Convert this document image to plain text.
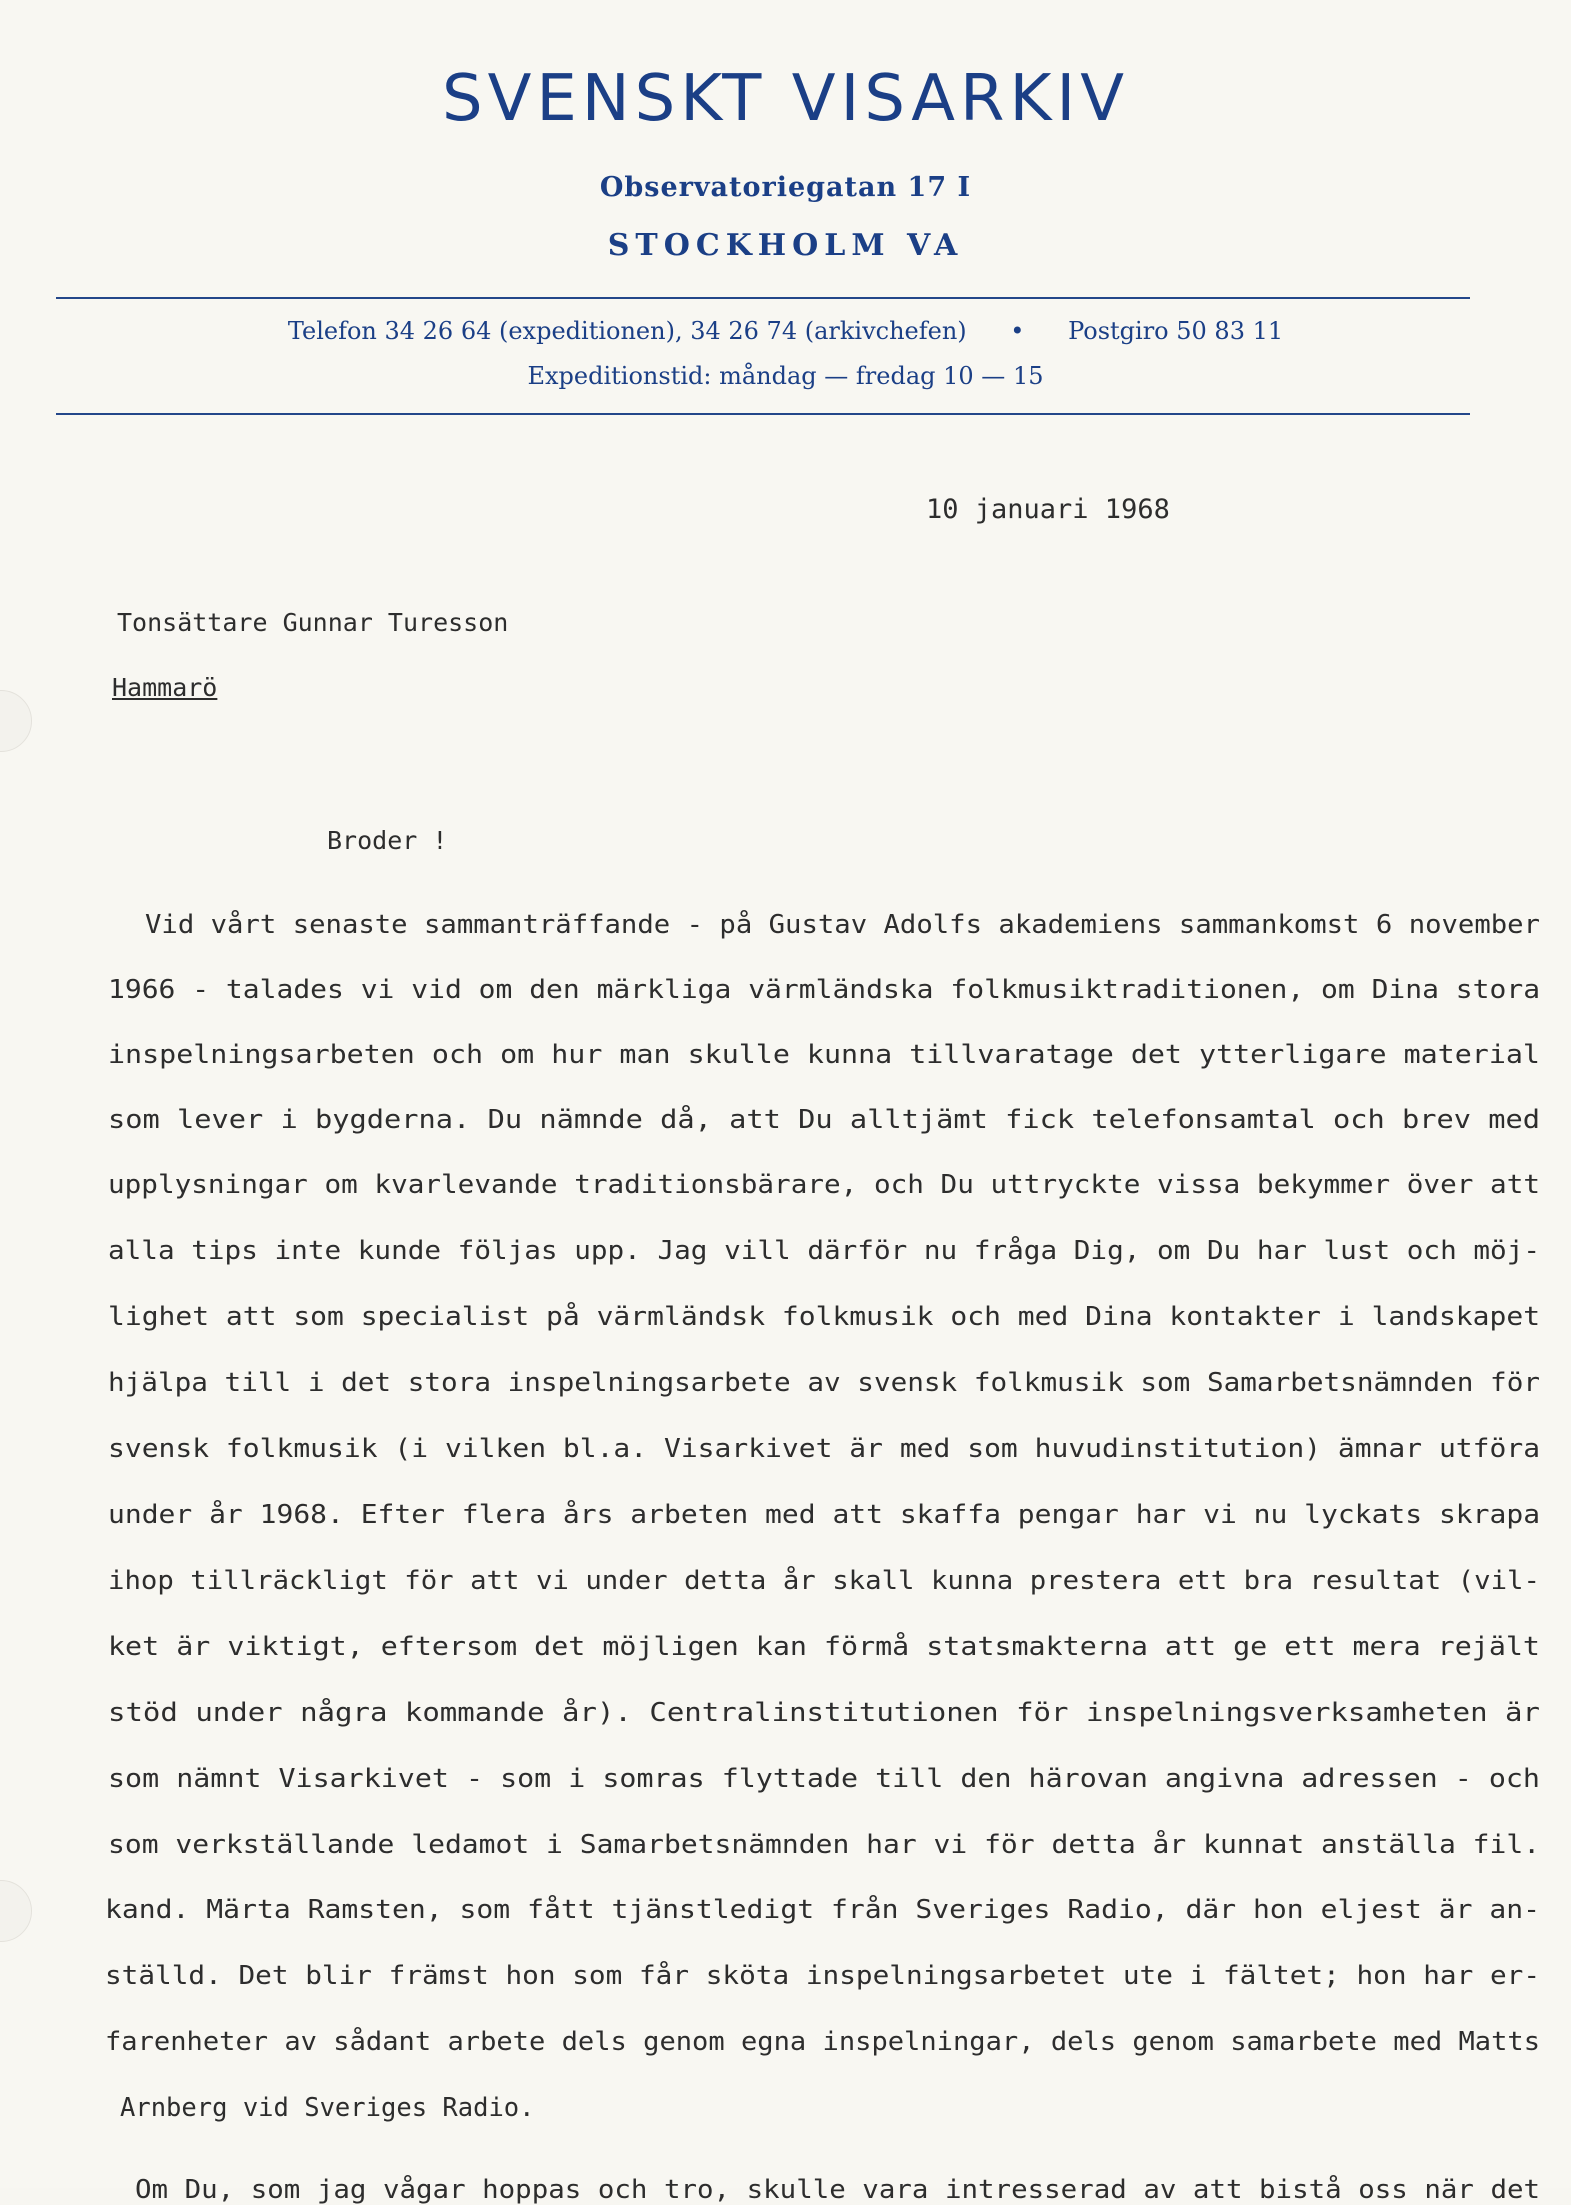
SVENSKT VISARKIV
Observatoriegatan 17 I
STOCKHOLM VA
Telefon 34 26 64 (expeditionen), 34 26 74 (arkivchefen) • Postgiro 50 83 11
Expeditionstid: måndag — fredag 10 — 15
10 januari 1968
Tonsättare Gunnar Turesson
Hammarö
Broder !
Vid vårt senaste sammanträffande - på Gustav Adolfs akademiens sammankomst 6 november
1966 - talades vi vid om den märkliga värmländska folkmusiktraditionen, om Dina stora
inspelningsarbeten och om hur man skulle kunna tillvaratage det ytterligare material
som lever i bygderna. Du nämnde då, att Du alltjämt fick telefonsamtal och brev med
upplysningar om kvarlevande traditionsbärare, och Du uttryckte vissa bekymmer över att
alla tips inte kunde följas upp. Jag vill därför nu fråga Dig, om Du har lust och möj-
lighet att som specialist på värmländsk folkmusik och med Dina kontakter i landskapet
hjälpa till i det stora inspelningsarbete av svensk folkmusik som Samarbetsnämnden för
svensk folkmusik (i vilken bl.a. Visarkivet är med som huvudinstitution) ämnar utföra
under år 1968. Efter flera års arbeten med att skaffa pengar har vi nu lyckats skrapa
ihop tillräckligt för att vi under detta år skall kunna prestera ett bra resultat (vil-
ket är viktigt, eftersom det möjligen kan förmå statsmakterna att ge ett mera rejält
stöd under några kommande år). Centralinstitutionen för inspelningsverksamheten är
som nämnt Visarkivet - som i somras flyttade till den härovan angivna adressen - och
som verkställande ledamot i Samarbetsnämnden har vi för detta år kunnat anställa fil.
kand. Märta Ramsten, som fått tjänstledigt från Sveriges Radio, där hon eljest är an-
ställd. Det blir främst hon som får sköta inspelningsarbetet ute i fältet; hon har er-
farenheter av sådant arbete dels genom egna inspelningar, dels genom samarbete med Matts
Arnberg vid Sveriges Radio.
Om Du, som jag vågar hoppas och tro, skulle vara intresserad av att bistå oss när det
